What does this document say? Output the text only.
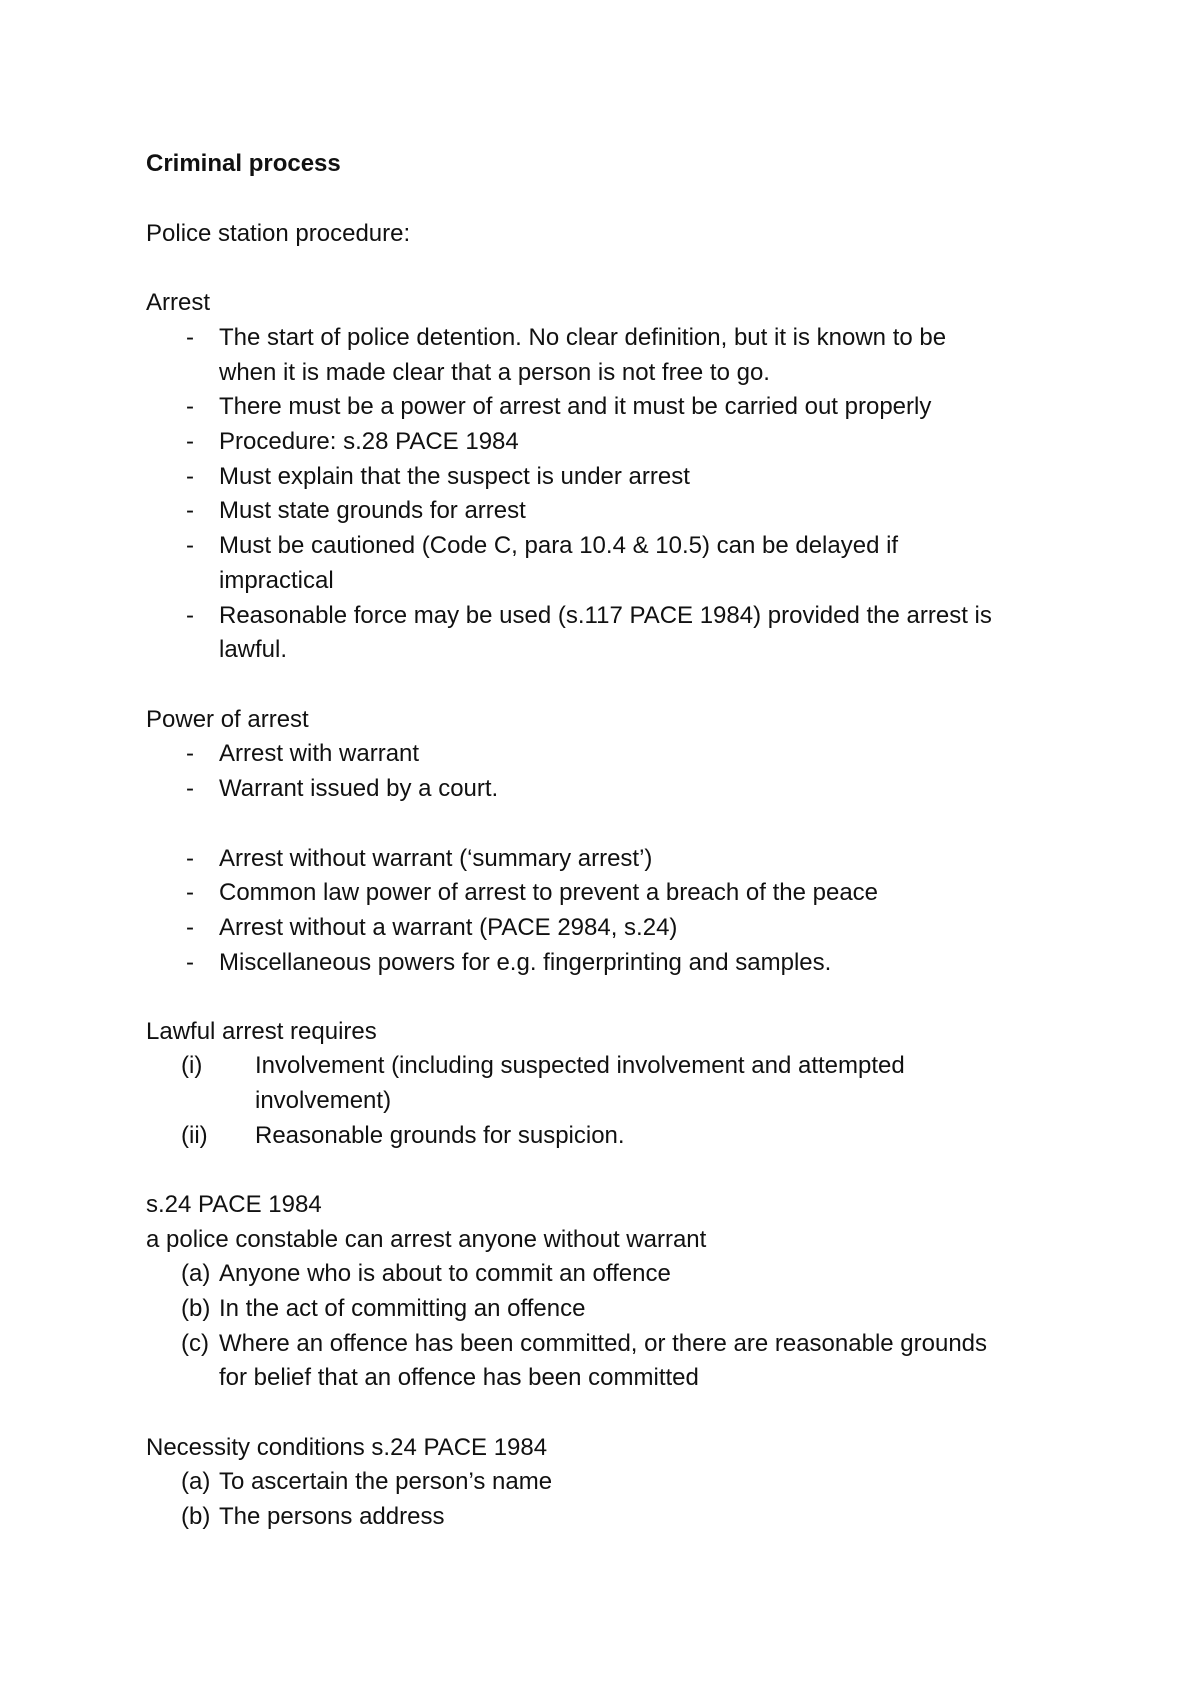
Criminal process
Police station procedure:
Arrest
- The start of police detention. No clear definition, but it is known to be
when it is made clear that a person is not free to go.
- There must be a power of arrest and it must be carried out properly
- Procedure: s.28 PACE 1984
- Must explain that the suspect is under arrest
- Must state grounds for arrest
- Must be cautioned (Code C, para 10.4 & 10.5) can be delayed if
impractical
- Reasonable force may be used (s.117 PACE 1984) provided the arrest is
lawful.
Power of arrest
- Arrest with warrant
- Warrant issued by a court.
- Arrest without warrant (‘summary arrest’)
- Common law power of arrest to prevent a breach of the peace
- Arrest without a warrant (PACE 2984, s.24)
- Miscellaneous powers for e.g. fingerprinting and samples.
Lawful arrest requires
(i) Involvement (including suspected involvement and attempted
involvement)
(ii) Reasonable grounds for suspicion.
s.24 PACE 1984
a police constable can arrest anyone without warrant
(a) Anyone who is about to commit an offence
(b) In the act of committing an offence
(c) Where an offence has been committed, or there are reasonable grounds
for belief that an offence has been committed
Necessity conditions s.24 PACE 1984
(a) To ascertain the person’s name
(b) The persons address
